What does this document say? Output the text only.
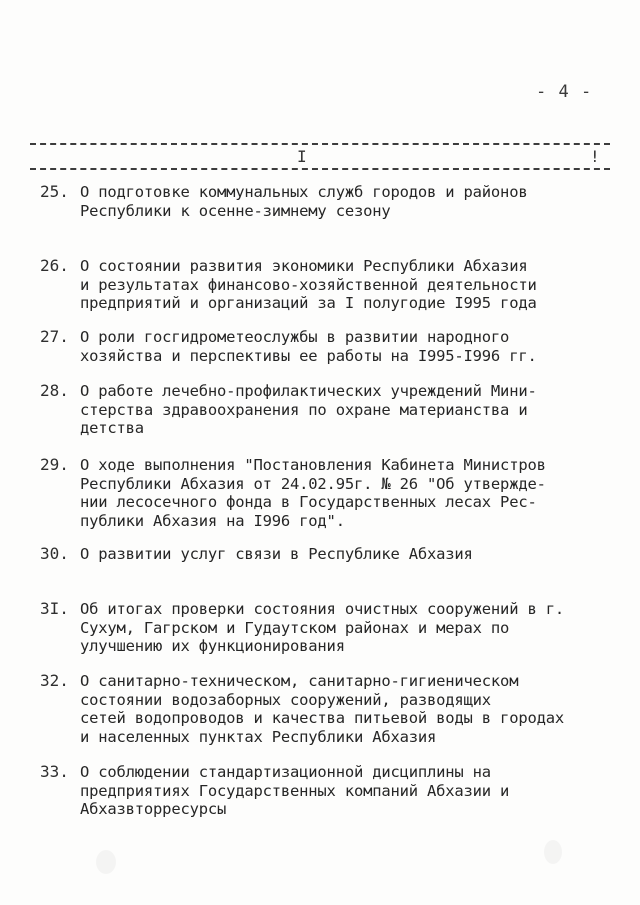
- 4 -
I	!
25. О подготовке коммунальных служб городов и районов
Республики к осенне-зимнему сезону
26. О состоянии развития экономики Республики Абхазия
и результатах финансово-хозяйственной деятельности
предприятий и организаций за I полугодие I995 года
27. О роли госгидрометеослужбы в развитии народного
хозяйства и перспективы ее работы на I995-I996 гг.
28. О работе лечебно-профилактических учреждений Мини-
стерства здравоохранения по охране материанства и
детства
29. О ходе выполнения "Постановления Кабинета Министров
Республики Абхазия от 24.02.95г. № 26 "Об утвержде-
нии лесосечного фонда в Государственных лесах Рес-
публики Абхазия на I996 год".
30. О развитии услуг связи в Республике Абхазия
3I. Об итогах проверки состояния очистных сооружений в г.
Сухум, Гагрском и Гудаутском районах и мерах по
улучшению их функционирования
32. О санитарно-техническом, санитарно-гигиеническом
состоянии водозаборных сооружений, разводящих
сетей водопроводов и качества питьевой воды в городах
и населенных пунктах Республики Абхазия
33. О соблюдении стандартизационной дисциплины на
предприятиях Государственных компаний Абхазии и
Абхазвторресурсы
